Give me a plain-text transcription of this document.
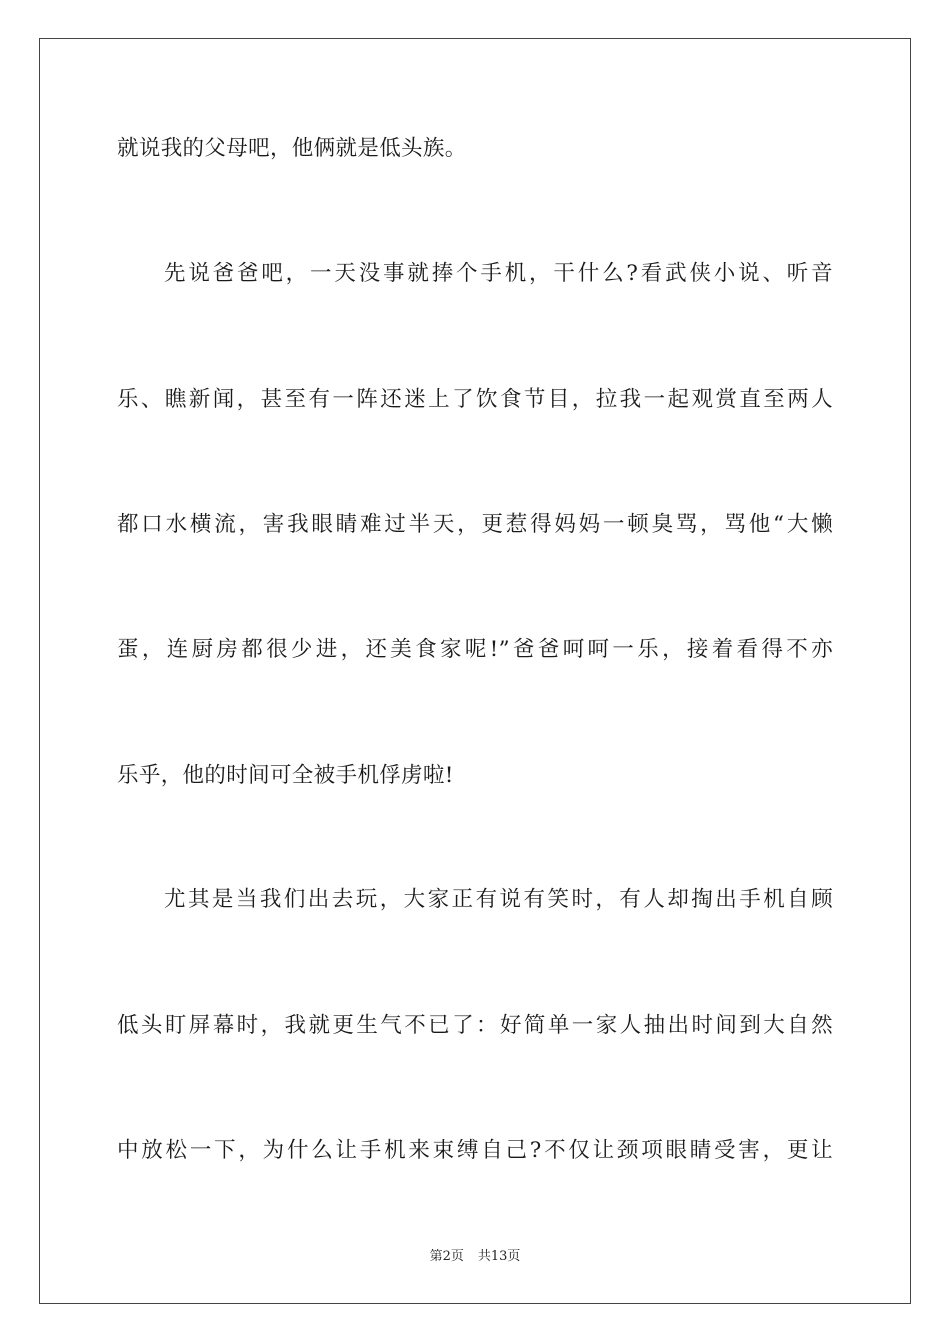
就说我的父母吧，他俩就是低头族。
先说爸爸吧，一天没事就捧个手机，干什么?看武侠小说、听音
乐、瞧新闻，甚至有一阵还迷上了饮食节目，拉我一起观赏直至两人
都口水横流，害我眼睛难过半天，更惹得妈妈一顿臭骂，骂他“大懒
蛋，连厨房都很少进，还美食家呢!”爸爸呵呵一乐，接着看得不亦
乐乎，他的时间可全被手机俘虏啦!
尤其是当我们出去玩，大家正有说有笑时，有人却掏出手机自顾
低头盯屏幕时，我就更生气不已了：好简单一家人抽出时间到大自然
中放松一下，为什么让手机来束缚自己?不仅让颈项眼睛受害，更让
第2页 共13页
